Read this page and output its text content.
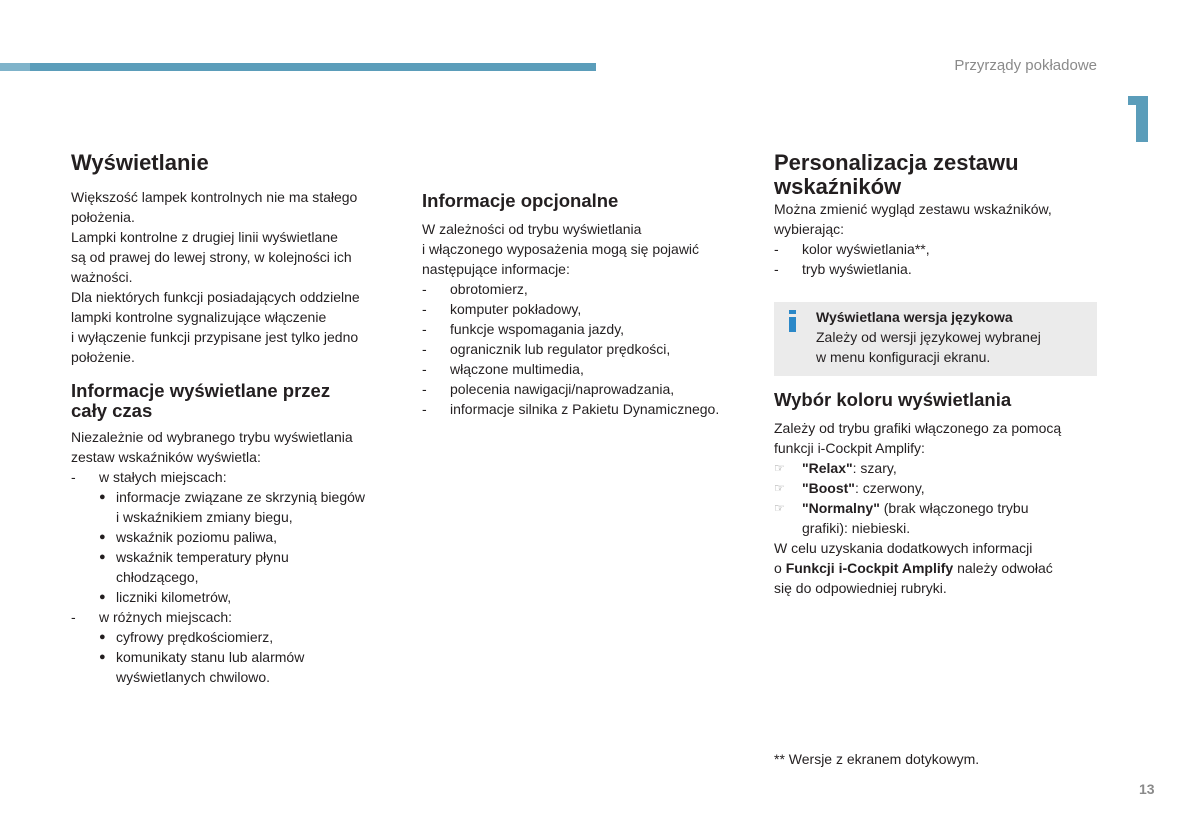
Przyrządy pokładowe
Wyświetlanie

Większość lampek kontrolnych nie ma stałego

położenia.

Lampki kontrolne z drugiej linii wyświetlane

są od prawej do lewej strony, w kolejności ich

ważności.

Dla niektórych funkcji posiadających oddzielne

lampki kontrolne sygnalizujące włączenie

i wyłączenie funkcji przypisane jest tylko jedno

położenie.

Informacje wyświetlane przez
cały czas

Niezależnie od wybranego trybu wyświetlania

zestaw wskaźników wyświetla:

- w stałych miejscach:
● informacje związane ze skrzynią biegów
i wskaźnikiem zmiany biegu,
● wskaźnik poziomu paliwa,
● wskaźnik temperatury płynu
chłodzącego,
● liczniki kilometrów,
- w różnych miejscach:
● cyfrowy prędkościomierz,
● komunikaty stanu lub alarmów
wyświetlanych chwilowo.
Informacje opcjonalne

W zależności od trybu wyświetlania

i włączonego wyposażenia mogą się pojawić

następujące informacje:

- obrotomierz,
- komputer pokładowy,
- funkcje wspomagania jazdy,
- ogranicznik lub regulator prędkości,
- włączone multimedia,
- polecenia nawigacji/naprowadzania,
- informacje silnika z Pakietu Dynamicznego.
Personalizacja zestawu
wskaźników

Można zmienić wygląd zestawu wskaźników,

wybierając:

- kolor wyświetlania**,
- tryb wyświetlania.
Wyświetlana wersja językowa
Zależy od wersji językowej wybranej
w menu konfiguracji ekranu.
Wybór koloru wyświetlania

Zależy od trybu grafiki włączonego za pomocą

funkcji i-Cockpit Amplify:

☞ "Relax": szary,
☞ "Boost": czerwony,
☞ "Normalny" (brak włączonego trybu
grafiki): niebieski.

W celu uzyskania dodatkowych informacji

o Funkcji i-Cockpit Amplify należy odwołać

się do odpowiedniej rubryki.

** Wersje z ekranem dotykowym.
13
